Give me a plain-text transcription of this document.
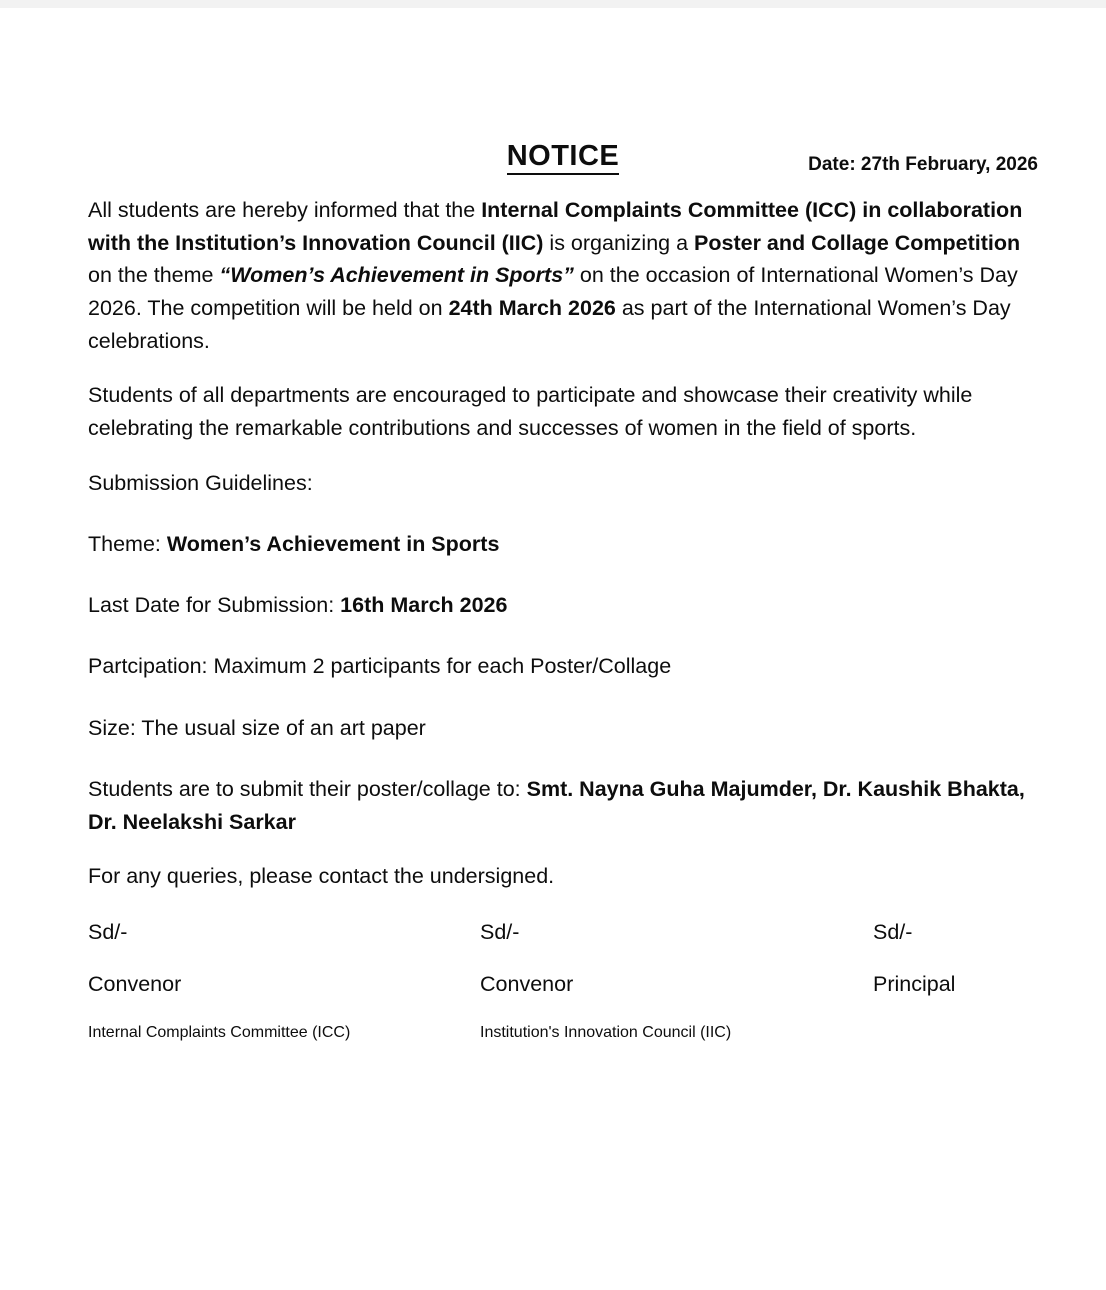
NOTICE	Date: 27th February, 2026

All students are hereby informed that the Internal Complaints Committee (ICC) in collaboration with the Institution’s Innovation Council (IIC) is organizing a Poster and Collage Competition on the theme “Women’s Achievement in Sports” on the occasion of International Women’s Day 2026. The competition will be held on 24th March 2026 as part of the International Women’s Day celebrations.

Students of all departments are encouraged to participate and showcase their creativity while celebrating the remarkable contributions and successes of women in the field of sports.

Submission Guidelines:

Theme: Women’s Achievement in Sports

Last Date for Submission: 16th March 2026

Partcipation: Maximum 2 participants for each Poster/Collage

Size: The usual size of an art paper

Students are to submit their poster/collage to: Smt. Nayna Guha Majumder, Dr. Kaushik Bhakta, Dr. Neelakshi Sarkar

For any queries, please contact the undersigned.

Sd/-	Sd/-	Sd/-
Convenor	Convenor	Principal
Internal Complaints Committee (ICC)	Institution's Innovation Council (IIC)
